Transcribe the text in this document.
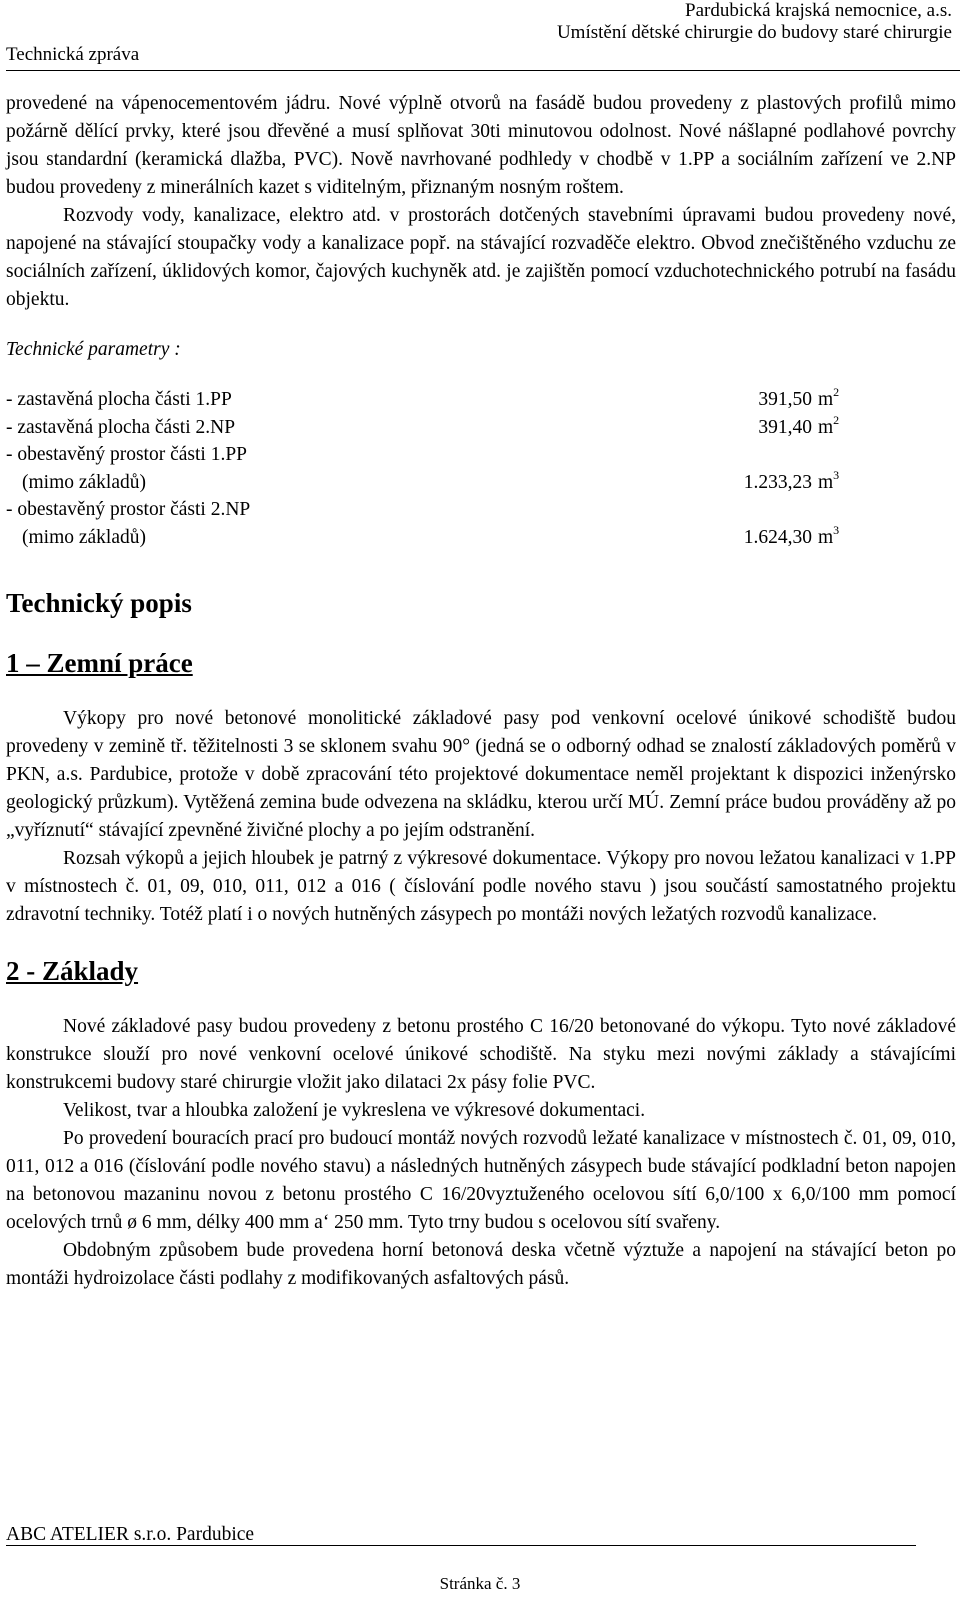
Technická zpráva
Pardubická krajská nemocnice, a.s.
Umístění dětské chirurgie do budovy staré chirurgie

provedené na vápenocementovém jádru. Nové výplně otvorů na fasádě budou provedeny z plastových profilů mimo požárně dělící prvky, které jsou dřevěné a musí splňovat 30ti minutovou odolnost. Nové nášlapné podlahové povrchy jsou standardní (keramická dlažba, PVC). Nově navrhované podhledy v chodbě v 1.PP a sociálním zařízení ve 2.NP budou provedeny z minerálních kazet s viditelným, přiznaným nosným roštem.

Rozvody vody, kanalizace, elektro atd. v prostorách dotčených stavebními úpravami budou provedeny nové, napojené na stávající stoupačky vody a kanalizace popř. na stávající rozvaděče elektro. Obvod znečištěného vzduchu ze sociálních zařízení, úklidových komor, čajových kuchyněk atd. je zajištěn pomocí vzduchotechnického potrubí na fasádu objektu.

Technické parametry :
- zastavěná plocha části 1.PP	391,50	$m^2$
- zastavěná plocha části 2.NP	391,40	$m^2$
- obestavěný prostor části 1.PP		
(mimo základů)	1.233,23	$m^3$
- obestavěný prostor části 2.NP		
(mimo základů)	1.624,30	$m^3$
Technický popis
1 – Zemní práce

Výkopy pro nové betonové monolitické základové pasy pod venkovní ocelové únikové schodiště budou provedeny v zemině tř. těžitelnosti 3 se sklonem svahu 90° (jedná se o odborný odhad se znalostí základových poměrů v PKN, a.s. Pardubice, protože v době zpracování této projektové dokumentace neměl projektant k dispozici inženýrsko geologický průzkum). Vytěžená zemina bude odvezena na skládku, kterou určí MÚ. Zemní práce budou prováděny až po „vyříznutí“ stávající zpevněné živičné plochy a po jejím odstranění.

Rozsah výkopů a jejich hloubek je patrný z výkresové dokumentace. Výkopy pro novou ležatou kanalizaci v 1.PP v místnostech č. 01, 09, 010, 011, 012 a 016 ( číslování podle nového stavu ) jsou součástí samostatného projektu zdravotní techniky. Totéž platí i o nových hutněných zásypech po montáži nových ležatých rozvodů kanalizace.

2 - Základy

Nové základové pasy budou provedeny z betonu prostého C 16/20 betonované do výkopu. Tyto nové základové konstrukce slouží pro nové venkovní ocelové únikové schodiště. Na styku mezi novými základy a stávajícími konstrukcemi budovy staré chirurgie vložit jako dilataci 2x pásy folie PVC.

Velikost, tvar a hloubka založení je vykreslena ve výkresové dokumentaci.

Po provedení bouracích prací pro budoucí montáž nových rozvodů ležaté kanalizace v místnostech č. 01, 09, 010, 011, 012 a 016 (číslování podle nového stavu) a následných hutněných zásypech bude stávající podkladní beton napojen na betonovou mazaninu novou z betonu prostého C 16/20vyztuženého ocelovou sítí 6,0/100 x 6,0/100 mm pomocí ocelových trnů ø 6 mm, délky 400 mm a‘ 250 mm. Tyto trny budou s ocelovou sítí svařeny.

Obdobným způsobem bude provedena horní betonová deska včetně výztuže a napojení na stávající beton po montáži hydroizolace části podlahy z modifikovaných asfaltových pásů.

ABC ATELIER s.r.o. Pardubice
Stránka č. 3
